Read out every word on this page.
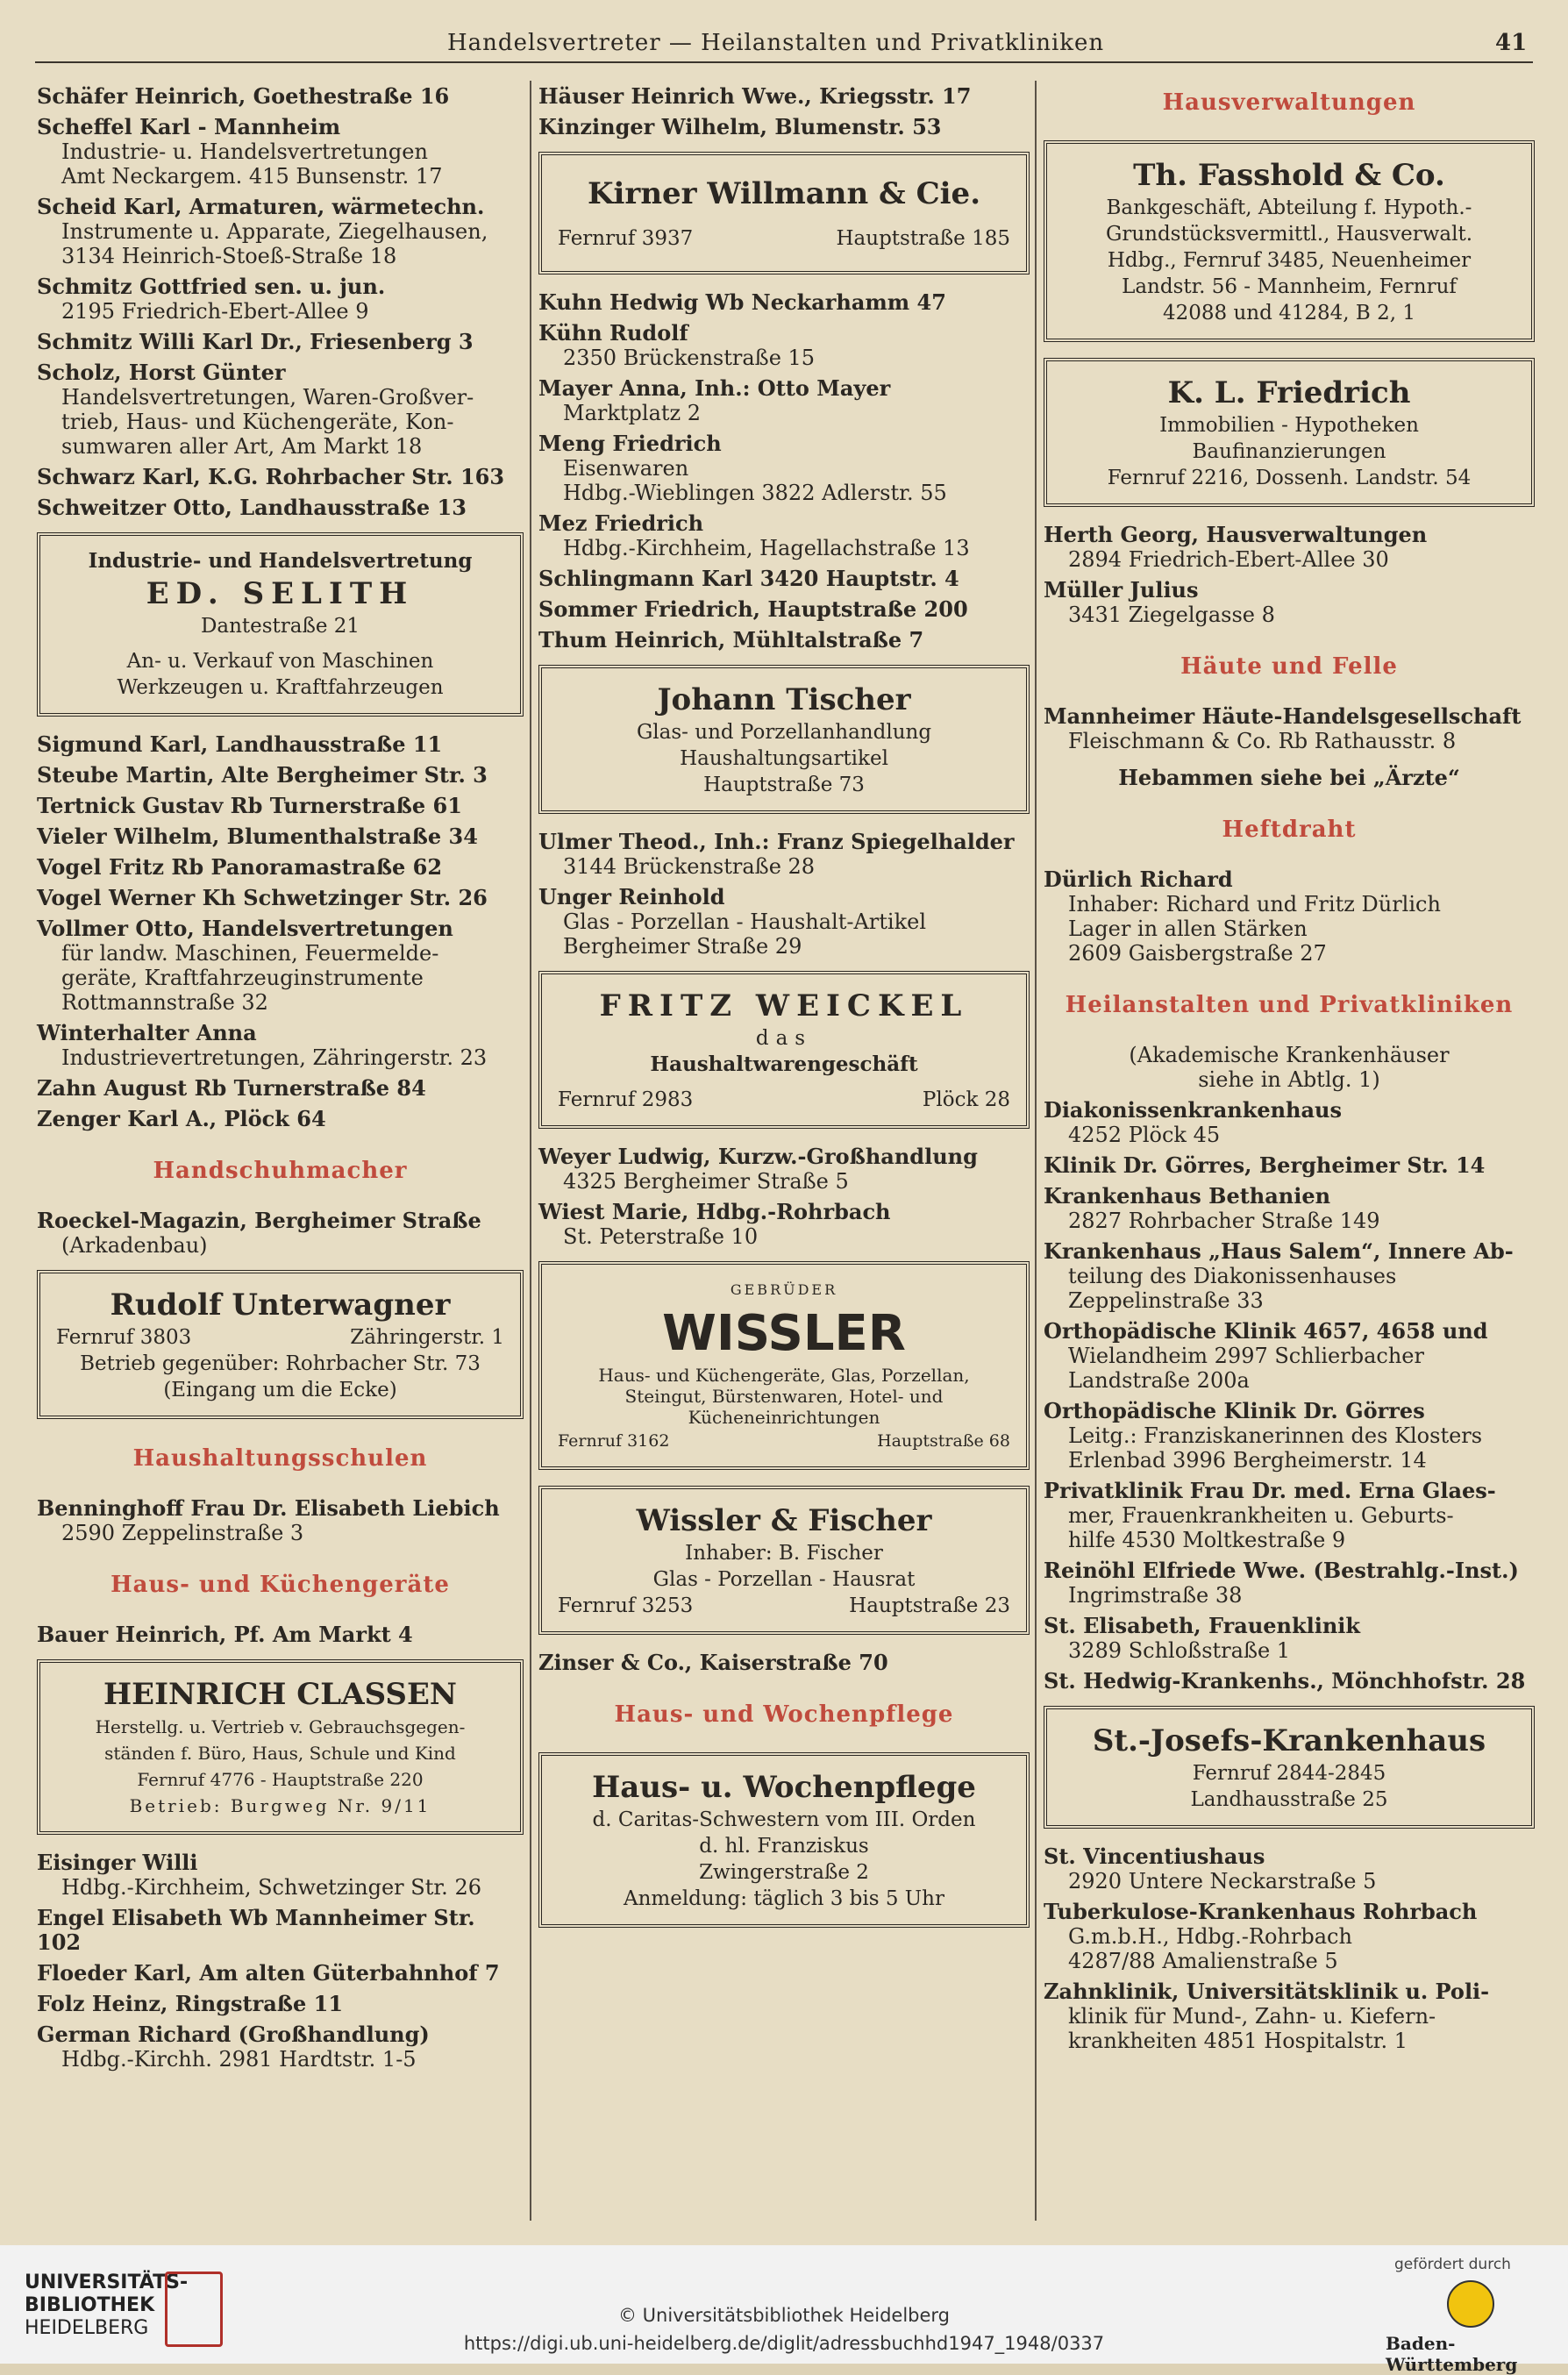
Handelsvertreter — Heilanstalten und Privatkliniken	41
Schäfer Heinrich, Goethestraße 16
Scheffel Karl - Mannheim
Industrie- u. Handelsvertretungen
Amt Neckargem. 415 Bunsenstr. 17
Scheid Karl, Armaturen, wärmetechn.
Instrumente u. Apparate, Ziegelhausen,
3134 Heinrich-Stoeß-Straße 18
Schmitz Gottfried sen. u. jun.
2195 Friedrich-Ebert-Allee 9
Schmitz Willi Karl Dr., Friesenberg 3
Scholz, Horst Günter
Handelsvertretungen, Waren-Großver-
trieb, Haus- und Küchengeräte, Kon-
sumwaren aller Art, Am Markt 18
Schwarz Karl, K.G. Rohrbacher Str. 163
Schweitzer Otto, Landhausstraße 13
Industrie- und Handelsvertretung
ED. SELITH
Dantestraße 21
An- u. Verkauf von Maschinen
Werkzeugen u. Kraftfahrzeugen
Sigmund Karl, Landhausstraße 11
Steube Martin, Alte Bergheimer Str. 3
Tertnick Gustav Rb Turnerstraße 61
Vieler Wilhelm, Blumenthalstraße 34
Vogel Fritz Rb Panoramastraße 62
Vogel Werner Kh Schwetzinger Str. 26
Vollmer Otto, Handelsvertretungen
für landw. Maschinen, Feuermelde-
geräte, Kraftfahrzeuginstrumente
Rottmannstraße 32
Winterhalter Anna
Industrievertretungen, Zähringerstr. 23
Zahn August Rb Turnerstraße 84
Zenger Karl A., Plöck 64
Handschuhmacher
Roeckel-Magazin, Bergheimer Straße
(Arkadenbau)
Rudolf Unterwagner
Fernruf 3803	Zähringerstr. 1
Betrieb gegenüber: Rohrbacher Str. 73
(Eingang um die Ecke)
Haushaltungsschulen
Benninghoff Frau Dr. Elisabeth Liebich
2590 Zeppelinstraße 3
Haus- und Küchengeräte
Bauer Heinrich, Pf. Am Markt 4
HEINRICH CLASSEN
Herstellg. u. Vertrieb v. Gebrauchsgegen-
ständen f. Büro, Haus, Schule und Kind
Fernruf 4776 - Hauptstraße 220
Betrieb: Burgweg Nr. 9/11
Eisinger Willi
Hdbg.-Kirchheim, Schwetzinger Str. 26
Engel Elisabeth Wb Mannheimer Str. 102
Floeder Karl, Am alten Güterbahnhof 7
Folz Heinz, Ringstraße 11
German Richard (Großhandlung)
Hdbg.-Kirchh. 2981 Hardtstr. 1-5
Häuser Heinrich Wwe., Kriegsstr. 17
Kinzinger Wilhelm, Blumenstr. 53
Kirner Willmann & Cie.
Fernruf 3937	Hauptstraße 185
Kuhn Hedwig Wb Neckarhamm 47
Kühn Rudolf
2350 Brückenstraße 15
Mayer Anna, Inh.: Otto Mayer
Marktplatz 2
Meng Friedrich
Eisenwaren
Hdbg.-Wieblingen 3822 Adlerstr. 55
Mez Friedrich
Hdbg.-Kirchheim, Hagellachstraße 13
Schlingmann Karl 3420 Hauptstr. 4
Sommer Friedrich, Hauptstraße 200
Thum Heinrich, Mühltalstraße 7
Johann Tischer
Glas- und Porzellanhandlung
Haushaltungsartikel
Hauptstraße 73
Ulmer Theod., Inh.: Franz Spiegelhalder
3144 Brückenstraße 28
Unger Reinhold
Glas - Porzellan - Haushalt-Artikel
Bergheimer Straße 29
FRITZ WEICKEL
das
Haushaltwarengeschäft
Fernruf 2983	Plöck 28
Weyer Ludwig, Kurzw.-Großhandlung
4325 Bergheimer Straße 5
Wiest Marie, Hdbg.-Rohrbach
St. Peterstraße 10
GEBRÜDER
WISSLER
Haus- und Küchengeräte, Glas, Porzellan,
Steingut, Bürstenwaren, Hotel- und
Kücheneinrichtungen
Fernruf 3162	Hauptstraße 68
Wissler & Fischer
Inhaber: B. Fischer
Glas - Porzellan - Hausrat
Fernruf 3253	Hauptstraße 23
Zinser & Co., Kaiserstraße 70
Haus- und Wochenpflege
Haus- u. Wochenpflege
d. Caritas-Schwestern vom III. Orden
d. hl. Franziskus
Zwingerstraße 2
Anmeldung: täglich 3 bis 5 Uhr
Hausverwaltungen
Th. Fasshold & Co.
Bankgeschäft, Abteilung f. Hypoth.-
Grundstücksvermittl., Hausverwalt.
Hdbg., Fernruf 3485, Neuenheimer
Landstr. 56 - Mannheim, Fernruf
42088 und 41284, B 2, 1
K. L. Friedrich
Immobilien - Hypotheken
Baufinanzierungen
Fernruf 2216, Dossenh. Landstr. 54
Herth Georg, Hausverwaltungen
2894 Friedrich-Ebert-Allee 30
Müller Julius
3431 Ziegelgasse 8
Häute und Felle
Mannheimer Häute-Handelsgesellschaft
Fleischmann & Co. Rb Rathausstr. 8
Hebammen siehe bei „Ärzte“
Heftdraht
Dürlich Richard
Inhaber: Richard und Fritz Dürlich
Lager in allen Stärken
2609 Gaisbergstraße 27
Heilanstalten und Privatkliniken
(Akademische Krankenhäuser
siehe in Abtlg. 1)
Diakonissenkrankenhaus
4252 Plöck 45
Klinik Dr. Görres, Bergheimer Str. 14
Krankenhaus Bethanien
2827 Rohrbacher Straße 149
Krankenhaus „Haus Salem“, Innere Ab-
teilung des Diakonissenhauses
Zeppelinstraße 33
Orthopädische Klinik 4657, 4658 und
Wielandheim 2997 Schlierbacher
Landstraße 200a
Orthopädische Klinik Dr. Görres
Leitg.: Franziskanerinnen des Klosters
Erlenbad 3996 Bergheimerstr. 14
Privatklinik Frau Dr. med. Erna Glaes-
mer, Frauenkrankheiten u. Geburts-
hilfe 4530 Moltkestraße 9
Reinöhl Elfriede Wwe. (Bestrahlg.-Inst.)
Ingrimstraße 38
St. Elisabeth, Frauenklinik
3289 Schloßstraße 1
St. Hedwig-Krankenhs., Mönchhofstr. 28
St.-Josefs-Krankenhaus
Fernruf 2844-2845
Landhausstraße 25
St. Vincentiushaus
2920 Untere Neckarstraße 5
Tuberkulose-Krankenhaus Rohrbach
G.m.b.H., Hdbg.-Rohrbach
4287/88 Amalienstraße 5
Zahnklinik, Universitätsklinik u. Poli-
klinik für Mund-, Zahn- u. Kiefern-
krankheiten 4851 Hospitalstr. 1
UNIVERSITÄTS-
BIBLIOTHEK
HEIDELBERG
© Universitätsbibliothek Heidelberg
https://digi.ub.uni-heidelberg.de/diglit/adressbuchhd1947_1948/0337
gefördert durch
Baden-Württemberg
